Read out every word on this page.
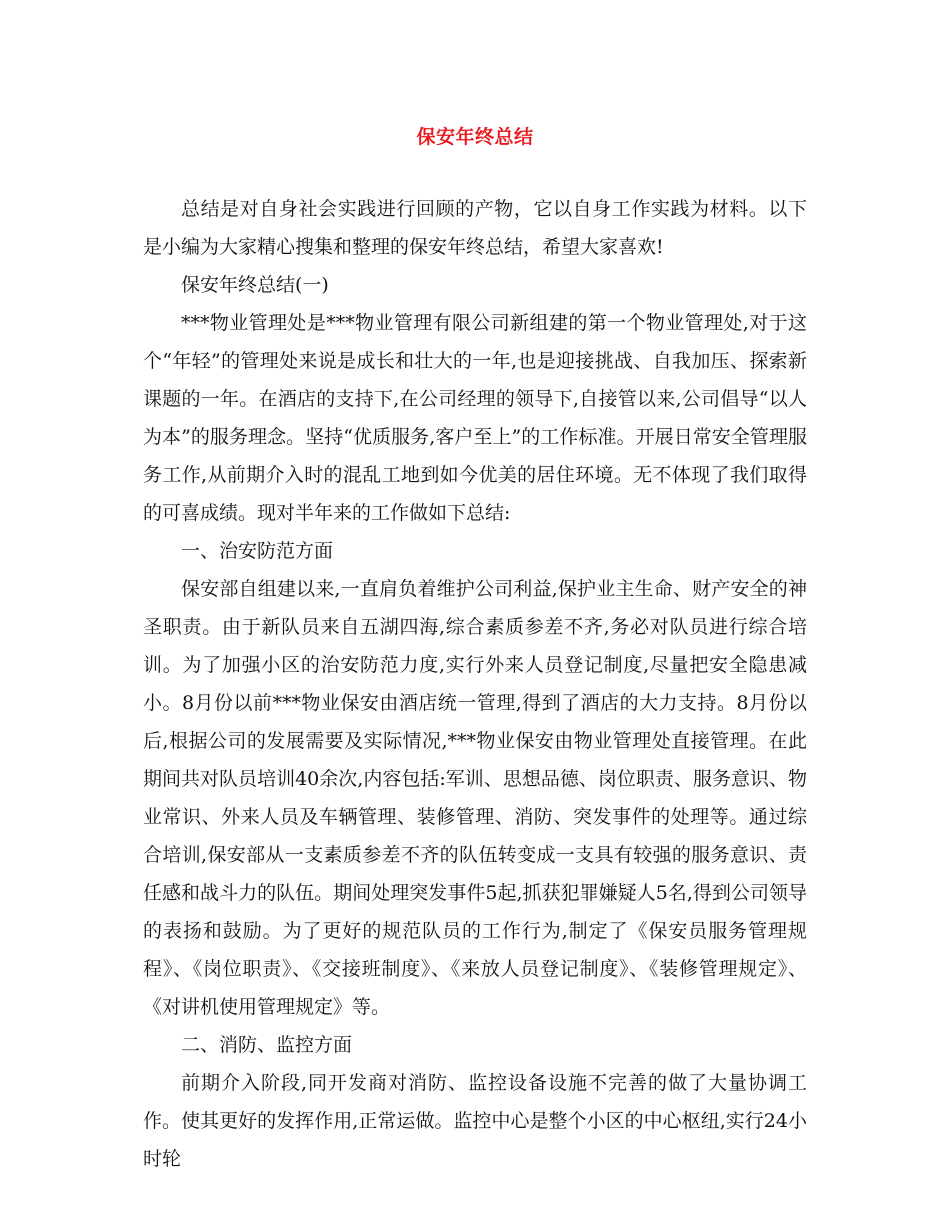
保安年终总结

总结是对自身社会实践进行回顾的产物，它以自身工作实践为材料。以下是小编为大家精心搜集和整理的保安年终总结，希望大家喜欢!

保安年终总结(一)

***物业管理处是***物业管理有限公司新组建的第一个物业管理处,对于这个“年轻”的管理处来说是成长和壮大的一年,也是迎接挑战、自我加压、探索新课题的一年。在酒店的支持下,在公司经理的领导下,自接管以来,公司倡导“以人为本”的服务理念。坚持“优质服务,客户至上”的工作标准。开展日常安全管理服务工作,从前期介入时的混乱工地到如今优美的居住环境。无不体现了我们取得的可喜成绩。现对半年来的工作做如下总结:

一、治安防范方面

保安部自组建以来,一直肩负着维护公司利益,保护业主生命、财产安全的神圣职责。由于新队员来自五湖四海,综合素质参差不齐,务必对队员进行综合培训。为了加强小区的治安防范力度,实行外来人员登记制度,尽量把安全隐患减小。8月份以前***物业保安由酒店统一管理,得到了酒店的大力支持。8月份以后,根据公司的发展需要及实际情况,***物业保安由物业管理处直接管理。在此期间共对队员培训40余次,内容包括:军训、思想品德、岗位职责、服务意识、物业常识、外来人员及车辆管理、装修管理、消防、突发事件的处理等。通过综合培训,保安部从一支素质参差不齐的队伍转变成一支具有较强的服务意识、责任感和战斗力的队伍。期间处理突发事件5起,抓获犯罪嫌疑人5名,得到公司领导的表扬和鼓励。为了更好的规范队员的工作行为,制定了《保安员服务管理规程》、《岗位职责》、《交接班制度》、《来放人员登记制度》、《装修管理规定》、《对讲机使用管理规定》等。

二、消防、监控方面

前期介入阶段,同开发商对消防、监控设备设施不完善的做了大量协调工作。使其更好的发挥作用,正常运做。监控中心是整个小区的中心枢纽,实行24小时轮
